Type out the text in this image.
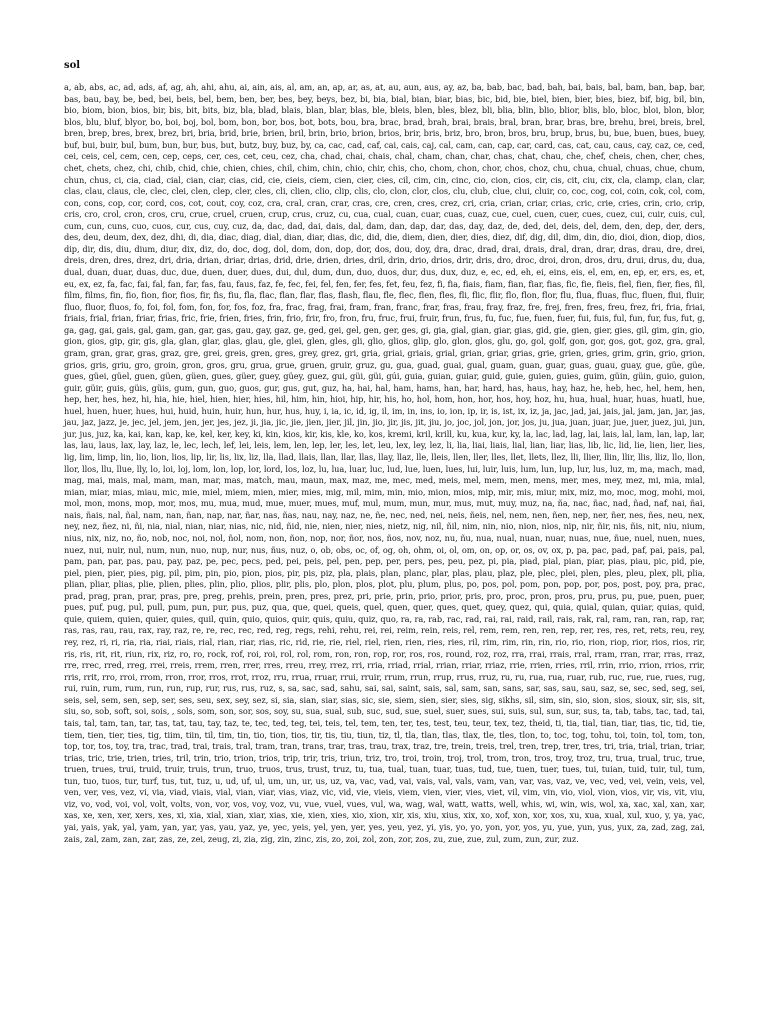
sol

a, ab, abs, ac, ad, ads, af, ag, ah, ahi, ahu, ai, ain, ais, al, am, an, ap, ar, as, at, au, aun, aus, ay, az, ba, bab, bac, bad, bah, bai, bais, bal, bam, ban, bap, bar, bas, bau, bay, be, bed, bei, beis, bel, bem, ben, ber, bes, bey, beys, bez, bi, bia, bial, bian, biar, bias, bic, bid, bie, biel, bien, bier, bies, biez, bif, big, bil, bin, bio, biom, bion, bios, bir, bis, bit, bits, biz, bla, blad, blais, blan, blar, blas, ble, bleis, blen, bles, blez, bli, blia, blin, blio, blior, blis, blo, bloc, bloi, blon, blor, blos, blu, bluf, blyor, bo, boi, boj, bol, bom, bon, bor, bos, bot, bots, bou, bra, brac, brad, brah, brai, brais, bral, bran, brar, bras, bre, brehu, brei, breis, brel, bren, brep, bres, brex, brez, bri, bria, brid, brie, brien, bril, brin, brio, brion, brios, brir, bris, briz, bro, bron, bros, bru, brup, brus, bu, bue, buen, bues, buey, buf, bui, buir, bul, bum, bun, bur, bus, but, butz, buy, buz, by, ca, cac, cad, caf, cai, cais, caj, cal, cam, can, cap, car, card, cas, cat, cau, caus, cay, caz, ce, ced, cei, ceis, cel, cem, cen, cep, ceps, cer, ces, cet, ceu, cez, cha, chad, chai, chais, chal, cham, chan, char, chas, chat, chau, che, chef, cheis, chen, cher, ches, chet, chets, chez, chi, chib, chid, chie, chien, chies, chil, chim, chin, chio, chir, chis, cho, chom, chon, chor, chos, choz, chu, chua, chual, chuas, chue, chum, chun, chus, ci, cia, ciad, cial, cian, ciar, cias, cid, cie, cieis, ciem, cien, cier, cies, cil, cim, cin, cinc, cio, cion, cios, cir, cis, cit, ciu, cix, cla, clamp, clan, clar, clas, clau, claus, cle, clec, clei, clen, clep, cler, cles, cli, clien, clio, clip, clis, clo, clon, clor, clos, clu, club, clue, clui, cluir, co, coc, cog, coi, coin, cok, col, com, con, cons, cop, cor, cord, cos, cot, cout, coy, coz, cra, cral, cran, crar, cras, cre, cren, cres, crez, cri, cria, crian, criar, crias, cric, crie, cries, crin, crio, crip, cris, cro, crol, cron, cros, cru, crue, cruel, cruen, crup, crus, cruz, cu, cua, cual, cuan, cuar, cuas, cuaz, cue, cuel, cuen, cuer, cues, cuez, cui, cuir, cuis, cul, cum, cun, cuns, cuo, cuos, cur, cus, cuy, cuz, da, dac, dad, dai, dais, dal, dam, dan, dap, dar, das, day, daz, de, ded, dei, deis, del, dem, den, dep, der, ders, des, deu, deum, dex, dez, dhi, di, dia, diac, diag, dial, dian, diar, dias, dic, did, die, diem, dien, dier, dies, diez, dif, dig, dil, dim, din, dio, dioi, dion, diop, dios, dip, dir, dis, diu, dium, diur, dix, diz, do, doc, dog, dol, dom, don, dop, dor, dos, dou, doy, dra, drac, drad, drai, drais, dral, dran, drar, dras, drau, dre, drei, dreis, dren, dres, drez, dri, dria, drian, driar, drias, drid, drie, drien, dries, dril, drin, drio, drios, drir, dris, dro, droc, droi, dron, dros, dru, drui, drus, du, dua, dual, duan, duar, duas, duc, due, duen, duer, dues, dui, dul, dum, dun, duo, duos, dur, dus, dux, duz, e, ec, ed, eh, ei, eins, eis, el, em, en, ep, er, ers, es, et, eu, ex, ez, fa, fac, fai, fal, fan, far, fas, fau, faus, faz, fe, fec, fei, fel, fen, fer, fes, fet, feu, fez, fi, fia, fiais, fiam, fian, fiar, fias, fic, fie, fieis, fiel, fien, fier, fies, fil, film, films, fin, fio, fion, fior, fios, fir, fis, fiu, fla, flac, flan, flar, flas, flash, flau, fle, flec, flen, fles, fli, flic, flir, flo, flon, flor, flu, flua, fluas, fluc, fluen, flui, fluir, fluo, fluor, fluos, fo, foi, fol, fom, fon, for, fos, foz, fra, frac, frag, frai, fram, fran, franc, frar, fras, frau, fray, fraz, fre, frej, fren, fres, freu, frez, fri, fria, friai, friais, frial, frian, friar, frias, fric, frie, frien, fries, frin, frio, frir, fro, fron, fru, fruc, frui, fruir, frun, frus, fu, fuc, fue, fuen, fuer, fui, fuis, ful, fun, fur, fus, fut, g, ga, gag, gai, gais, gal, gam, gan, gar, gas, gau, gay, gaz, ge, ged, gei, gel, gen, ger, ges, gi, gia, gial, gian, giar, gias, gid, gie, gien, gier, gies, gil, gim, gin, gio, gion, gios, gip, gir, gis, gla, glan, glar, glas, glau, gle, glei, glen, gles, gli, glio, glios, glip, glo, glon, glos, glu, go, gol, golf, gon, gor, gos, got, goz, gra, gral, gram, gran, grar, gras, graz, gre, grei, greis, gren, gres, grey, grez, gri, gria, griai, griais, grial, grian, griar, grias, grie, grien, gries, grim, grin, grio, grion, grios, gris, griu, gro, groin, gron, gros, gru, grua, grue, gruen, gruir, gruz, gu, gua, guad, guai, gual, guam, guan, guar, guas, guau, guay, gue, güe, güe, gues, güei, güel, guen, güen, güen, gues, güer, guey, güey, guez, gui, güi, güi, gúi, guia, guian, guiar, guid, guie, guien, guies, guim, güin, güin, guio, guion, guir, güir, guis, güis, güis, gum, gun, guo, guos, gur, gus, gut, guz, ha, hai, hal, ham, hams, han, har, hard, has, haus, hay, haz, he, heb, hec, hel, hem, hen, hep, her, hes, hez, hi, hia, hie, hiel, hien, hier, hies, hil, him, hin, hioi, hip, hir, his, ho, hol, hom, hon, hor, hos, hoy, hoz, hu, hua, hual, huar, huas, huatl, hue, huel, huen, huer, hues, hui, huid, huin, huir, hun, hur, hus, huy, i, ia, ic, id, ig, il, im, in, ins, io, ion, ip, ir, is, ist, ix, iz, ja, jac, jad, jai, jais, jal, jam, jan, jar, jas, jau, jaz, jazz, je, jec, jel, jem, jen, jer, jes, jez, ji, jia, jic, jie, jien, jier, jil, jin, jio, jir, jis, jit, jiu, jo, joc, jol, jon, jor, jos, ju, jua, juan, juar, jue, juer, juez, jui, jun, jur, jus, juz, ka, kai, kan, kap, ke, kel, ker, key, ki, kin, kios, kir, kis, kle, ko, kos, kremi, kril, krill, ku, kua, kur, ky, la, lac, lad, lag, lai, lais, lal, lam, lan, lap, lar, las, lau, laus, lax, lay, laz, le, lec, lech, lef, lei, leis, lem, len, lep, ler, les, let, leu, lex, ley, lez, li, lia, liai, liais, lial, lian, liar, lias, lib, lic, lid, lie, lien, lier, lies, lig, lim, limp, lin, lio, lion, lios, lip, lir, lis, lix, liz, lla, llad, llais, llan, llar, llas, llay, llaz, lle, lleis, llen, ller, lles, llet, llets, llez, lli, llier, llin, llir, llis, lliz, llo, llon, llor, llos, llu, llue, lly, lo, loi, loj, lom, lon, lop, lor, lord, los, loz, lu, lua, luar, luc, lud, lue, luen, lues, lui, luir, luis, lum, lun, lup, lur, lus, luz, m, ma, mach, mad, mag, mai, mais, mal, mam, man, mar, mas, match, mau, maun, max, maz, me, mec, med, meis, mel, mem, men, mens, mer, mes, mey, mez, mi, mia, mial, mian, miar, mias, miau, mic, mie, miel, miem, mien, mier, mies, mig, mil, mim, min, mio, mion, mios, mip, mir, mis, miur, mix, miz, mo, moc, mog, mohi, moi, mol, mon, mons, mop, mor, mos, mu, mua, mud, mue, muer, mues, muf, mul, mum, mun, mur, mus, mut, muy, muz, na, ña, nac, ñac, nad, ñad, naf, nai, ñai, nais, ñais, nal, ñal, nam, nan, ñan, nap, nar, ñar, nas, ñas, nau, nay, naz, ne, ñe, nec, ned, nei, neis, ñeis, nel, nem, nen, ñen, nep, ner, ñer, nes, ñes, neu, nex, ney, nez, ñez, ni, ñi, nia, nial, nian, niar, nias, nic, nid, ñid, nie, nien, nier, nies, nietz, nig, nil, ñil, nim, nin, nio, nion, nios, nip, nir, ñir, nis, ñis, nit, niu, nium, nius, nix, niz, no, ño, nob, noc, noi, nol, ñol, nom, non, ñon, nop, nor, ñor, nos, ños, nov, noz, nu, ñu, nua, nual, nuan, nuar, nuas, nue, ñue, nuel, nuen, nues, nuez, nui, nuir, nul, num, nun, nuo, nup, nur, nus, ñus, nuz, o, ob, obs, oc, of, og, oh, ohm, oi, ol, om, on, op, or, os, ov, ox, p, pa, pac, pad, paf, pai, pais, pal, pam, pan, par, pas, pau, pay, paz, pe, pec, pecs, ped, pei, peis, pel, pen, pep, per, pers, pes, peu, pez, pi, pia, piad, pial, pian, piar, pias, piau, pic, pid, pie, piel, pien, pier, pies, pig, pil, pim, pin, pio, pion, pios, pir, pis, piz, pla, plais, plan, planc, plar, plas, plau, plaz, ple, plec, plei, plen, ples, pleu, plex, pli, plia, plian, pliar, plias, plie, plien, plies, plin, plio, plios, plir, plis, plo, plon, plos, plot, plu, plum, plus, po, pos, pol, pom, pon, pop, por, pos, post, poy, pra, prac, prad, prag, pran, prar, pras, pre, preg, prehis, prein, pren, pres, prez, pri, prie, prin, prio, prior, pris, pro, proc, pron, pros, pru, prus, pu, pue, puen, puer, pues, puf, pug, pul, pull, pum, pun, pur, pus, puz, qua, que, quei, queis, quel, quen, quer, ques, quet, quey, quez, qui, quia, quial, quian, quiar, quias, quid, quie, quiem, quien, quier, quies, quil, quin, quio, quios, quir, quis, quiu, quiz, quo, ra, ra, rab, rac, rad, rai, rai, raid, rail, rais, rak, ral, ram, ran, ran, rap, rar, ras, ras, rau, rau, rax, ray, raz, re, re, rec, rec, red, reg, regs, rehi, rehu, rei, rei, reim, rein, reis, rel, rem, rem, ren, ren, rep, rer, res, res, ret, rets, reu, rey, rey, rez, ri, ri, ria, ria, riai, riais, rial, rian, riar, rias, ric, rid, rie, rie, riel, riel, rien, rien, ries, ries, ril, rim, rim, rin, rin, rio, rio, rion, riop, rior, rios, rios, rir, ris, ris, rit, rit, riun, rix, riz, ro, ro, rock, rof, roi, roi, rol, rol, rom, ron, ron, rop, ror, ros, ros, round, roz, roz, rra, rrai, rrais, rral, rram, rran, rrar, rras, rraz, rre, rrec, rred, rreg, rrei, rreis, rrem, rren, rrer, rres, rreu, rrey, rrez, rri, rria, rriad, rrial, rrian, rriar, rriaz, rrie, rrien, rries, rril, rrin, rrio, rrion, rrios, rrir, rris, rrit, rro, rroi, rrom, rron, rror, rros, rrot, rroz, rru, rrua, rruar, rrui, rruir, rrum, rrun, rrup, rrus, rruz, ru, ru, rua, rua, ruar, rub, ruc, rue, rue, rues, rug, rui, ruin, rum, rum, run, run, rup, rur, rus, rus, ruz, s, sa, sac, sad, sahu, sai, sai, saint, sais, sal, sam, san, sans, sar, sas, sau, sau, saz, se, sec, sed, seg, sei, seis, sel, sem, sen, sep, ser, ses, seu, sex, sey, sez, si, sia, sian, siar, sias, sic, sie, siem, sien, sier, sies, sig, sikhs, sil, sim, sin, sio, sion, sios, sioux, sir, sis, sit, siu, so, sob, soft, soi, sois, , sols, som, son, sor, sos, soy, su, sua, sual, sub, suc, sud, sue, suel, suer, sues, sui, suis, sul, sun, sur, sus, ta, tab, tabs, tac, tad, tai, tais, tal, tam, tan, tar, tas, tat, tau, tay, taz, te, tec, ted, teg, tei, teis, tel, tem, ten, ter, tes, test, teu, teur, tex, tez, theid, ti, tia, tial, tian, tiar, tias, tic, tid, tie, tiem, tien, tier, ties, tig, tiim, tiin, til, tim, tin, tio, tion, tios, tir, tis, tiu, tiun, tiz, tl, tla, tlan, tlas, tlax, tle, tles, tlon, to, toc, tog, tohu, toi, toin, tol, tom, ton, top, tor, tos, toy, tra, trac, trad, trai, trais, tral, tram, tran, trans, trar, tras, trau, trax, traz, tre, trein, treis, trel, tren, trep, trer, tres, tri, tria, trial, trian, triar, trias, tric, trie, trien, tries, tril, trin, trio, trion, trios, trip, trir, tris, triun, triz, tro, troi, troin, troj, trol, trom, tron, tros, troy, troz, tru, trua, trual, truc, true, truen, trues, trui, truid, truir, truis, trun, truo, truos, trus, trust, truz, tu, tua, tual, tuan, tuar, tuas, tud, tue, tuen, tuer, tues, tui, tuian, tuid, tuir, tul, tum, tun, tuo, tuos, tur, turf, tus, tut, tuz, u, ud, uf, ul, um, un, ur, us, uz, va, vac, vad, vai, vais, val, vals, vam, van, var, vas, vaz, ve, vec, ved, vei, vein, veis, vel, ven, ver, ves, vez, vi, via, viad, viais, vial, vian, viar, vias, viaz, vic, vid, vie, vieis, viem, vien, vier, vies, viet, vil, vim, vin, vio, viol, vion, vios, vir, vis, vit, viu, viz, vo, vod, voi, vol, volt, volts, von, vor, vos, voy, voz, vu, vue, vuel, vues, vul, wa, wag, wal, watt, watts, well, whis, wi, win, wis, wol, xa, xac, xal, xan, xar, xas, xe, xen, xer, xers, xes, xi, xia, xial, xian, xiar, xias, xie, xien, xies, xio, xion, xir, xis, xiu, xius, xix, xo, xof, xon, xor, xos, xu, xua, xual, xul, xuo, y, ya, yac, yai, yais, yak, yal, yam, yan, yar, yas, yau, yaz, ye, yec, yeis, yel, yen, yer, yes, yeu, yez, yi, yis, yo, yo, yon, yor, yos, yu, yue, yun, yus, yux, za, zad, zag, zai, zais, zal, zam, zan, zar, zas, ze, zei, zeug, zi, zia, zig, zin, zinc, zis, zo, zoi, zol, zon, zor, zos, zu, zue, zue, zul, zum, zun, zur, zuz.
